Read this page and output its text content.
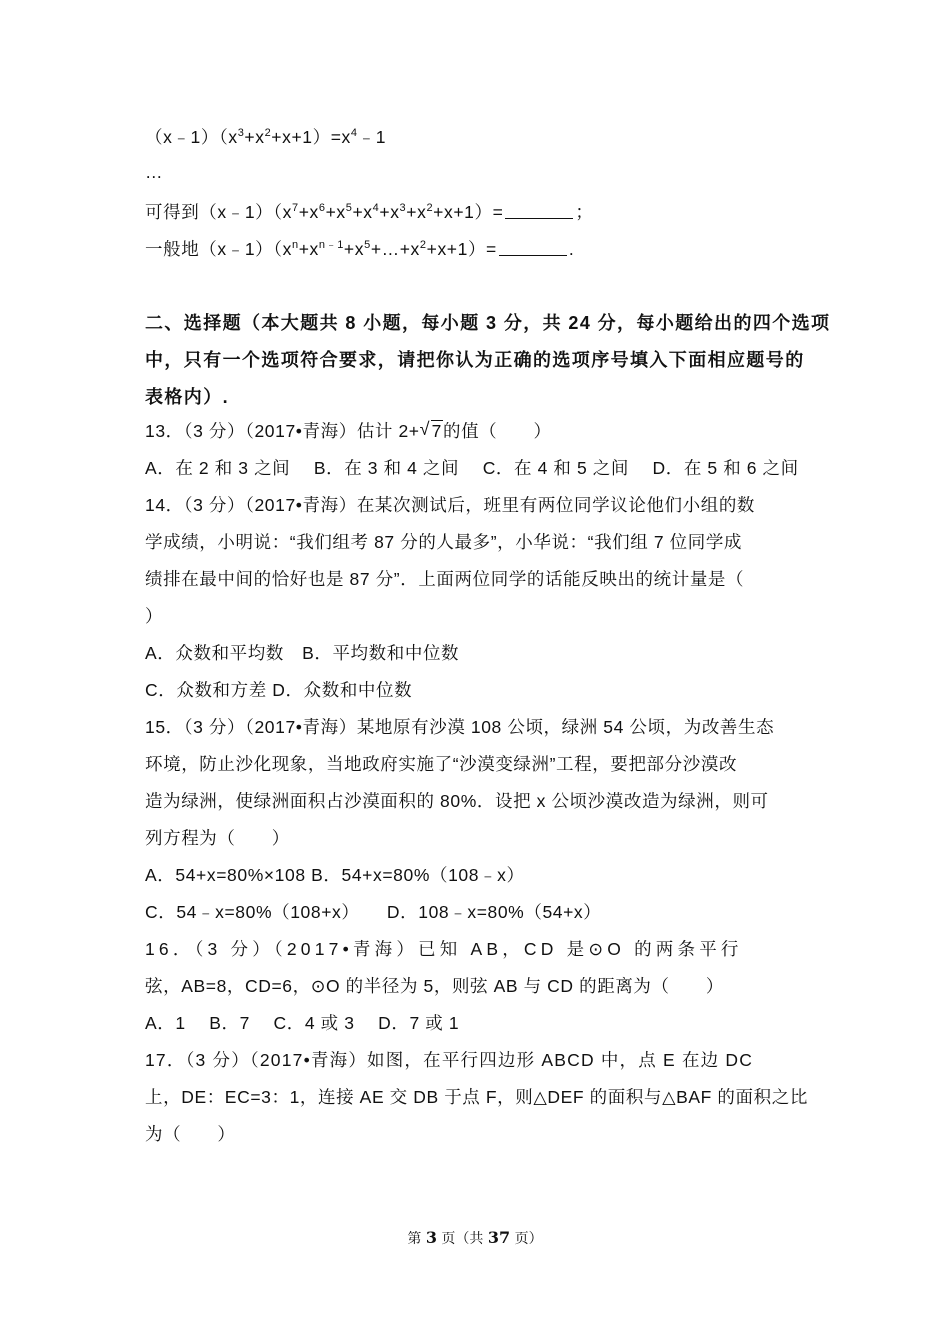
$(x﹣1)(x^3+x^2+x+1)=x^4﹣1$
…
可得到$(x﹣1)(x^7+x^6+x^5+x^4+x^3+x^2+x+1)=$	；
一般地$(x﹣1)(x^n+x^{n﹣1}+x^5+\dots+x^2+x+1)=$	.
二、选择题（本大题共 8 小题，每小题 3 分，共 24 分，每小题给出的四个选项
中，只有一个选项符合要求，请把你认为正确的选项序号填入下面相应题号的
表格内）.
13．（3 分）（2017•青海）估计 2+ √ 7的值（　　）
A．在 2 和 3 之间　 B．在 3 和 4 之间　 C．在 4 和 5 之间　 D．在 5 和 6 之间
14．（3 分）（2017•青海）在某次测试后，班里有两位同学议论他们小组的数
学成绩，小明说：“我们组考 87 分的人最多”，小华说：“我们组 7 位同学成
绩排在最中间的恰好也是 87 分”．上面两位同学的话能反映出的统计量是（
）
A．众数和平均数　B．平均数和中位数
C．众数和方差 D．众数和中位数
15．（3 分）（2017•青海）某地原有沙漠 108 公顷，绿洲 54 公顷，为改善生态
环境，防止沙化现象，当地政府实施了“沙漠变绿洲”工程，要把部分沙漠改
造为绿洲，使绿洲面积占沙漠面积的 80%．设把 x 公顷沙漠改造为绿洲，则可
列方程为（　　）
A．54+x=80%×108 B．54+x=80%（108﹣x）
C．54﹣x=80%（108+x）　　D．108﹣x=80%（54+x）
16．（3 分）（2017•青海）已知 AB，CD 是⊙O 的两条平行
弦，AB=8，CD=6，⊙O 的半径为 5，则弦 AB 与 CD 的距离为（　　）
A．1　 B．7　 C．4 或 3　 D．7 或 1
17．（3 分）（2017•青海）如图，在平行四边形 ABCD 中，点 E 在边 DC
上，DE：EC=3：1，连接 AE 交 DB 于点 F，则△DEF 的面积与△BAF 的面积之比
为（　　）
第 3 页（共 37 页）
